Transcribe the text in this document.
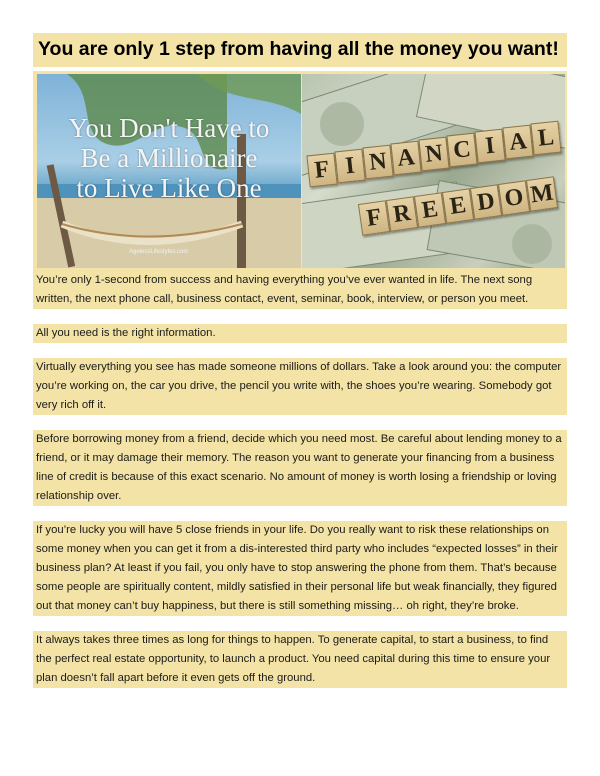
You are only 1 step from having all the money you want!
You Don't Have to
Be a Millionaire
to Live Like One
AgelessLifestyles.com
F I N A N C I A L
F R E E D O M

You’re only 1-second from success and having everything you’ve ever wanted in life. The next song written, the next phone call, business contact, event, seminar, book, interview, or person you meet.

All you need is the right information.

Virtually everything you see has made someone millions of dollars. Take a look around you: the computer you’re working on, the car you drive, the pencil you write with, the shoes you’re wearing. Somebody got very rich off it.

Before borrowing money from a friend, decide which you need most. Be careful about lending money to a friend, or it may damage their memory. The reason you want to generate your financing from a business line of credit is because of this exact scenario. No amount of money is worth losing a friendship or loving relationship over.

If you’re lucky you will have 5 close friends in your life. Do you really want to risk these relationships on some money when you can get it from a dis-interested third party who includes “expected losses” in their business plan? At least if you fail, you only have to stop answering the phone from them. That’s because some people are spiritually content, mildly satisfied in their personal life but weak financially, they figured out that money can’t buy happiness, but there is still something missing… oh right, they’re broke.

It always takes three times as long for things to happen. To generate capital, to start a business, to find the perfect real estate opportunity, to launch a product. You need capital during this time to ensure your plan doesn’t fall apart before it even gets off the ground.
